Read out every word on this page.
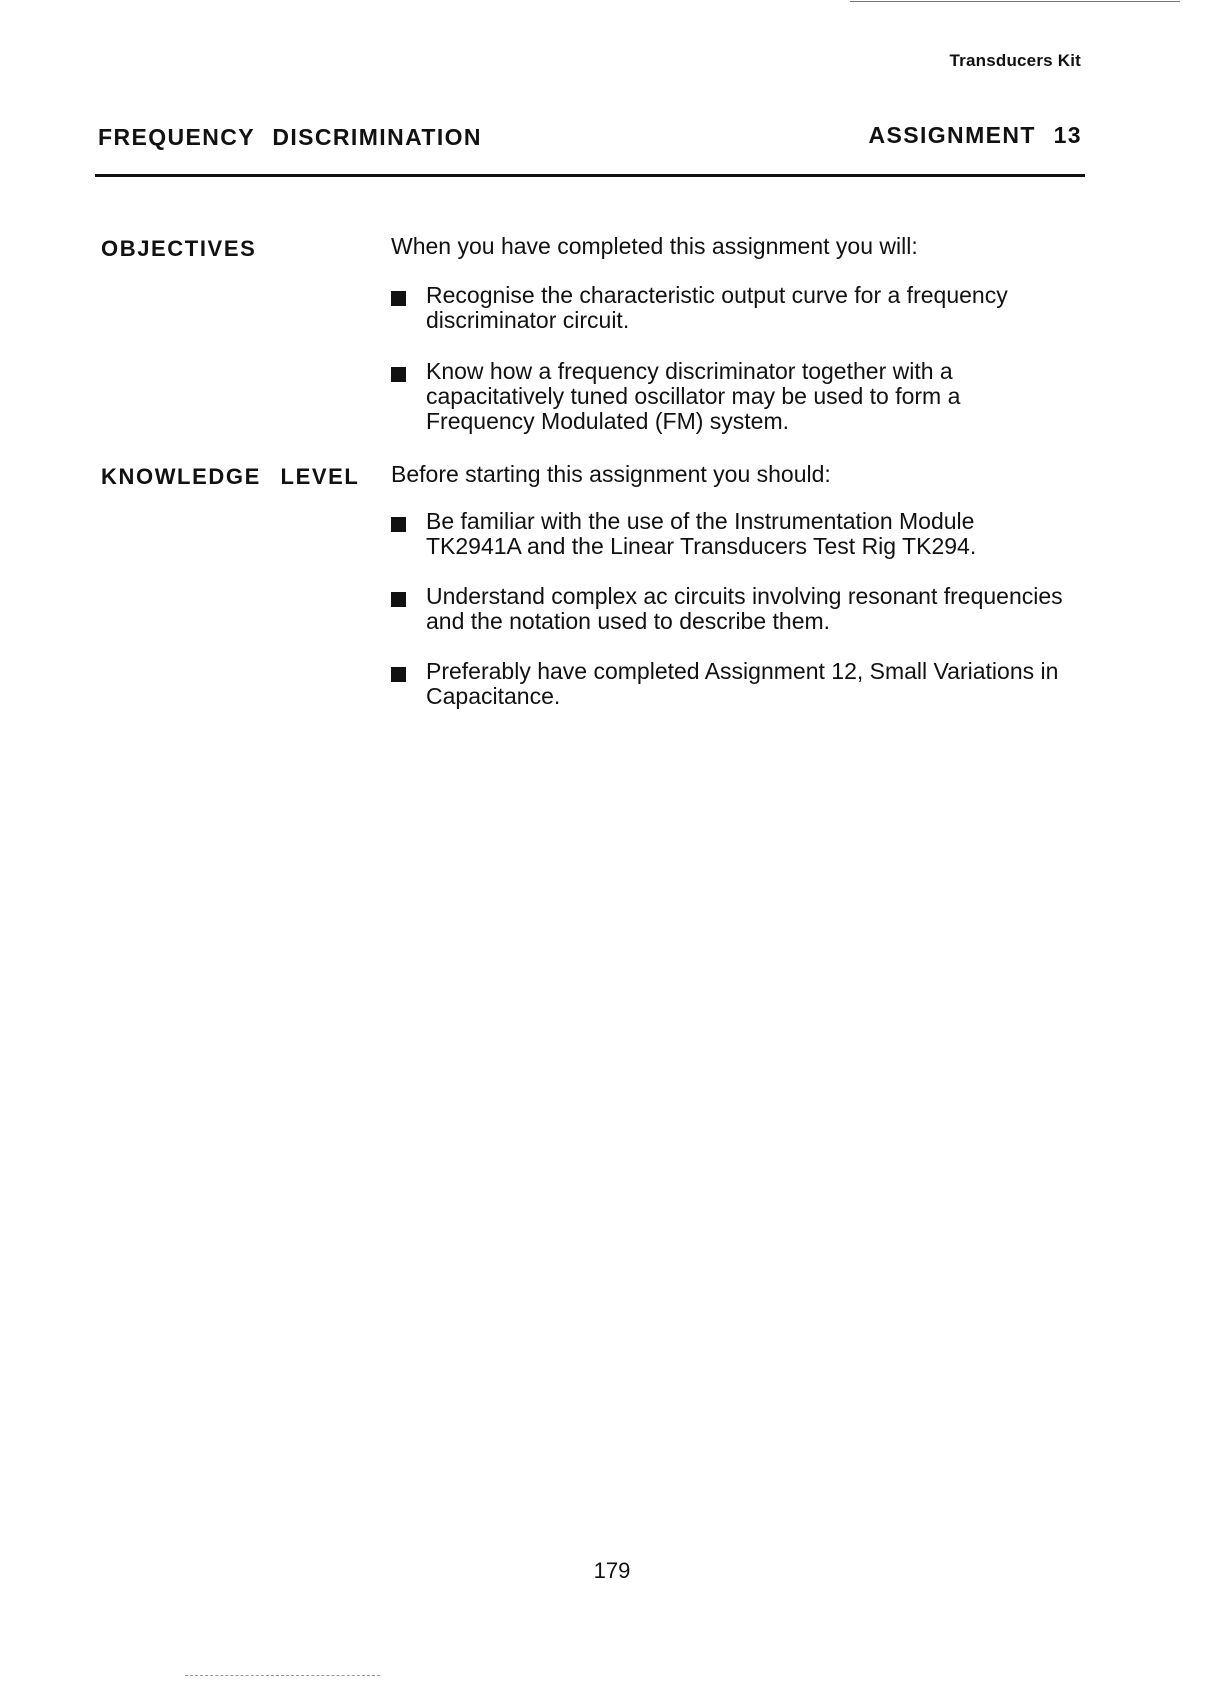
Transducers Kit
FREQUENCY DISCRIMINATION	ASSIGNMENT 13
OBJECTIVES	When you have completed this assignment you will:
Recognise the characteristic output curve for a frequency discriminator circuit.
Know how a frequency discriminator together with a capacitatively tuned oscillator may be used to form a Frequency Modulated (FM) system.
KNOWLEDGE LEVEL Before starting this assignment you should:
Be familiar with the use of the Instrumentation Module TK2941A and the Linear Transducers Test Rig TK294.
Understand complex ac circuits involving resonant frequencies and the notation used to describe them.
Preferably have completed Assignment 12, Small Variations in Capacitance.
179
